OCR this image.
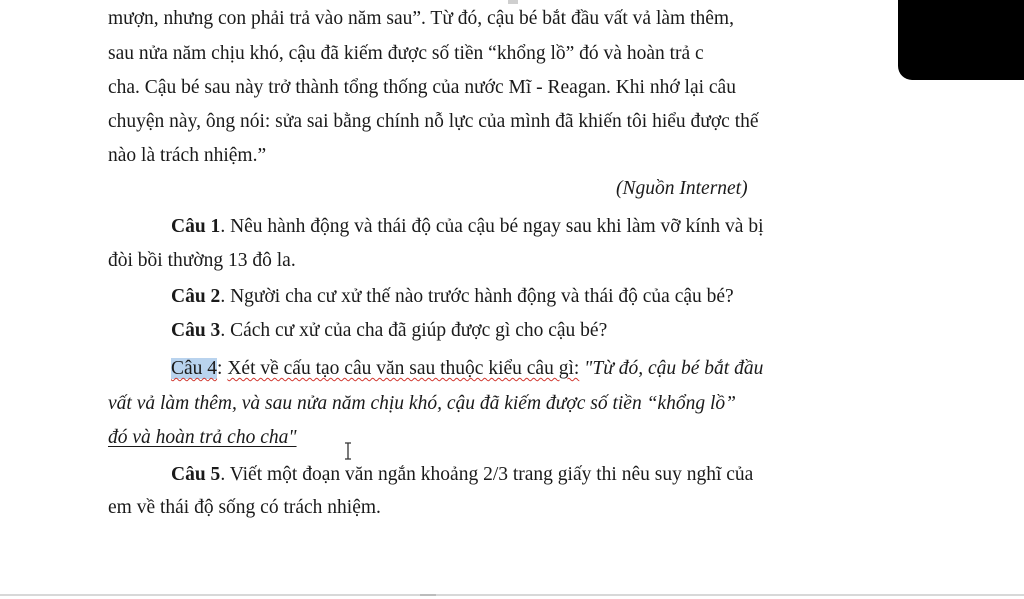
mượn, nhưng con phải trả vào năm sau”. Từ đó, cậu bé bắt đầu vất vả làm thêm,
sau nửa năm chịu khó, cậu đã kiếm được số tiền “khổng lồ” đó và hoàn trả c
cha. Cậu bé sau này trở thành tổng thống của nước Mĩ - Reagan. Khi nhớ lại câu
chuyện này, ông nói: sửa sai bằng chính nỗ lực của mình đã khiến tôi hiểu được thế
nào là trách nhiệm.”
(Nguồn Internet)
Câu 1. Nêu hành động và thái độ của cậu bé ngay sau khi làm vỡ kính và bị
đòi bồi thường 13 đô la.
Câu 2. Người cha cư xử thế nào trước hành động và thái độ của cậu bé?
Câu 3. Cách cư xử của cha đã giúp được gì cho cậu bé?
Câu 4: Xét về cấu tạo câu văn sau thuộc kiểu câu gì: "Từ đó, cậu bé bắt đầu
vất vả làm thêm, và sau nửa năm chịu khó, cậu đã kiếm được số tiền “khổng lồ”
đó và hoàn trả cho cha"
Câu 5. Viết một đoạn văn ngắn khoảng 2/3 trang giấy thi nêu suy nghĩ của
em về thái độ sống có trách nhiệm.
